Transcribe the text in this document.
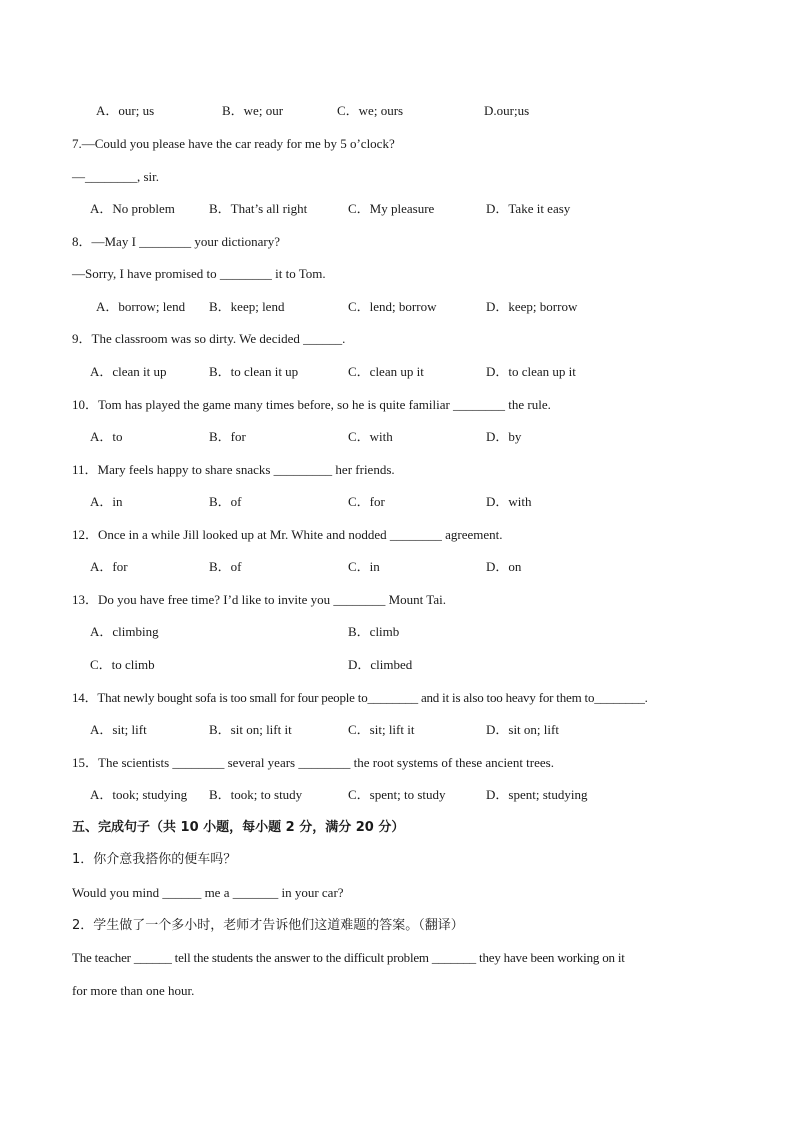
A．our; us	B．we; our	C．we; ours	D.our;us
7.—Could you please have the car ready for me by 5 o’clock?
—________, sir.
A．No problem	B．That’s all right	C．My pleasure	D．Take it easy
8．—May I ________ your dictionary?
—Sorry, I have promised to ________ it to Tom.
A．borrow; lend B．keep; lend	C．lend; borrow	D．keep; borrow
9．The classroom was so dirty. We decided ______.
A．clean it up	B．to clean it up	C．clean up it	D．to clean up it
10．Tom has played the game many times before, so he is quite familiar ________ the rule.
A．to	B．for	C．with	D．by
11．Mary feels happy to share snacks _________ her friends.
A．in	B．of	C．for	D．with
12．Once in a while Jill looked up at Mr. White and nodded ________ agreement.
A．for	B．of	C．in	D．on
13．Do you have free time? I’d like to invite you ________ Mount Tai.
A．climbing	B．climb
C．to climb	D．climbed
14．That newly bought sofa is too small for four people to________ and it is also too heavy for them to________.
A．sit; lift	B．sit on; lift it	C．sit; lift it	D．sit on; lift
15．The scientists ________ several years ________ the root systems of these ancient trees.
A．took; studying B．took; to study	C．spent; to study	D．spent; studying
五、完成句子（共 10 小题，每小题 2 分，满分 20 分）
1．你介意我搭你的便车吗？
Would you mind ______ me a _______ in your car?
2．学生做了一个多小时，老师才告诉他们这道难题的答案。（翻译）
The teacher ______ tell the students the answer to the difficult problem _______ they have been working on it
for more than one hour.
